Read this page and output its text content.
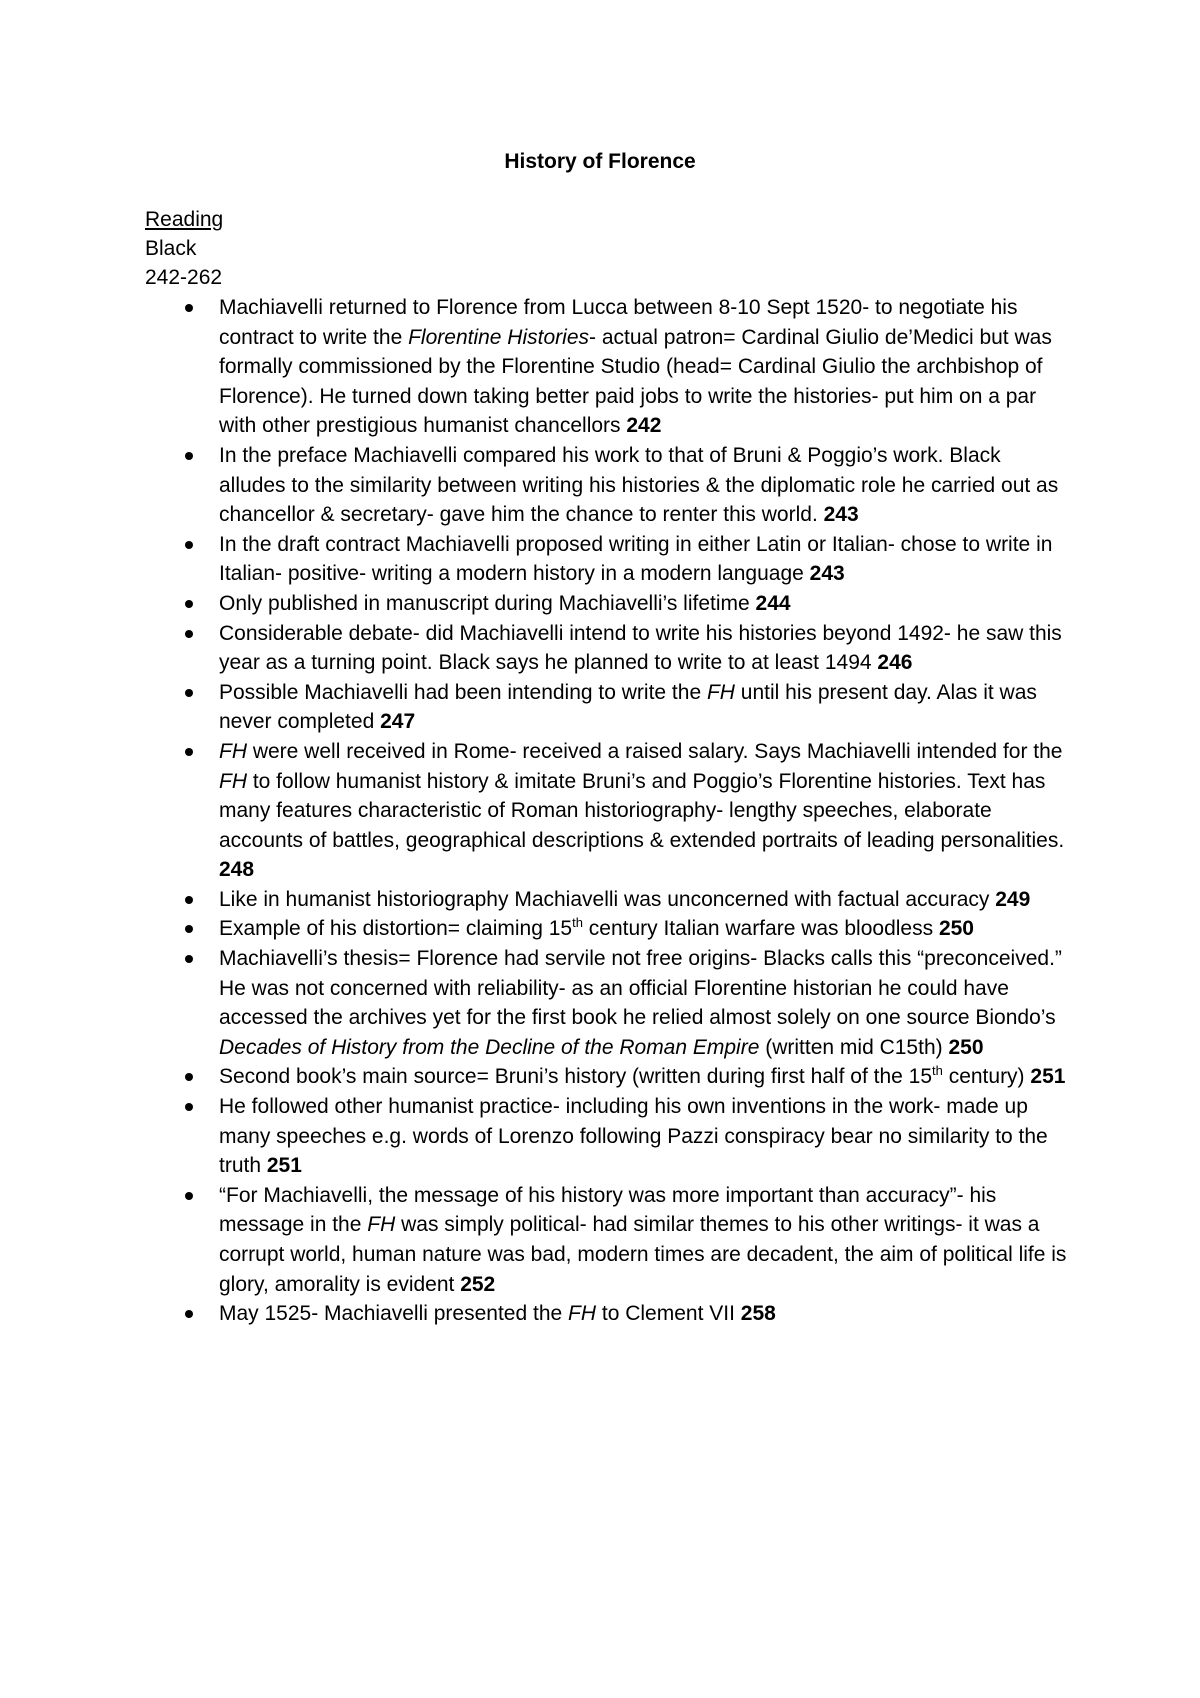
History of Florence
Reading
Black
242-262
Machiavelli returned to Florence from Lucca between 8-10 Sept 1520- to negotiate his contract to write the Florentine Histories- actual patron= Cardinal Giulio de’Medici but was formally commissioned by the Florentine Studio (head= Cardinal Giulio the archbishop of Florence). He turned down taking better paid jobs to write the histories- put him on a par with other prestigious humanist chancellors 242
In the preface Machiavelli compared his work to that of Bruni & Poggio’s work. Black alludes to the similarity between writing his histories & the diplomatic role he carried out as chancellor & secretary- gave him the chance to renter this world. 243
In the draft contract Machiavelli proposed writing in either Latin or Italian- chose to write in Italian- positive- writing a modern history in a modern language 243
Only published in manuscript during Machiavelli’s lifetime 244
Considerable debate- did Machiavelli intend to write his histories beyond 1492- he saw this year as a turning point. Black says he planned to write to at least 1494 246
Possible Machiavelli had been intending to write the FH until his present day. Alas it was never completed 247
FH were well received in Rome- received a raised salary. Says Machiavelli intended for the FH to follow humanist history & imitate Bruni’s and Poggio’s Florentine histories. Text has many features characteristic of Roman historiography- lengthy speeches, elaborate accounts of battles, geographical descriptions & extended portraits of leading personalities. 248
Like in humanist historiography Machiavelli was unconcerned with factual accuracy 249
Example of his distortion= claiming 15th century Italian warfare was bloodless 250
Machiavelli’s thesis= Florence had servile not free origins- Blacks calls this “preconceived.” He was not concerned with reliability- as an official Florentine historian he could have accessed the archives yet for the first book he relied almost solely on one source Biondo’s Decades of History from the Decline of the Roman Empire (written mid C15th) 250
Second book’s main source= Bruni’s history (written during first half of the 15th century) 251
He followed other humanist practice- including his own inventions in the work- made up many speeches e.g. words of Lorenzo following Pazzi conspiracy bear no similarity to the truth 251
“For Machiavelli, the message of his history was more important than accuracy”- his message in the FH was simply political- had similar themes to his other writings- it was a corrupt world, human nature was bad, modern times are decadent, the aim of political life is glory, amorality is evident 252
May 1525- Machiavelli presented the FH to Clement VII 258
